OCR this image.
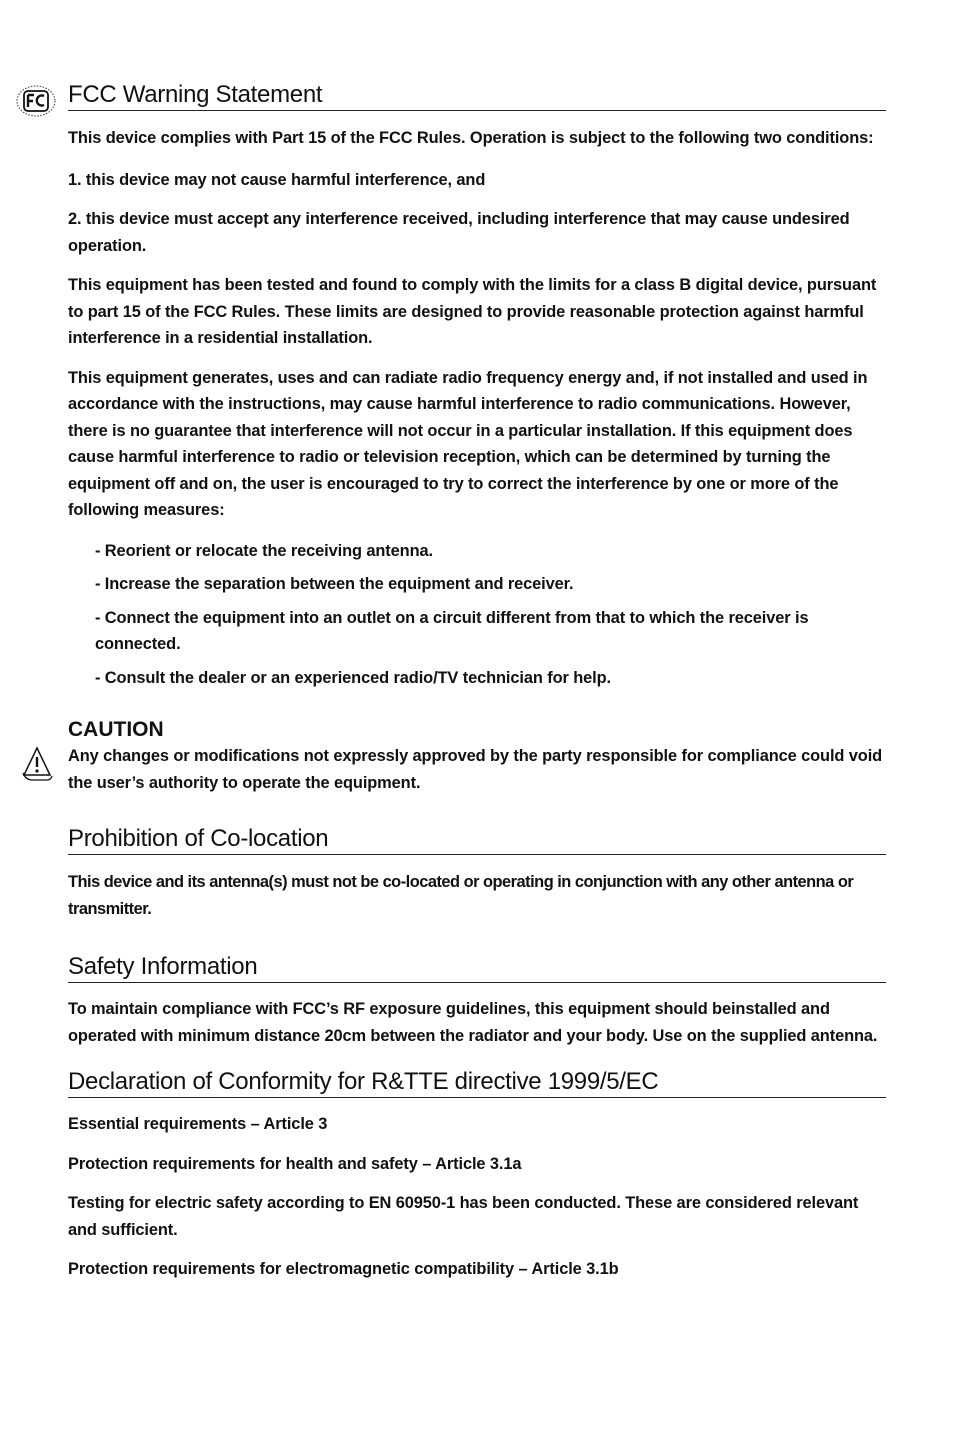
FCC Warning Statement

This device complies with Part 15 of the FCC Rules. Operation is subject to the following two conditions:

1. this device may not cause harmful interference, and

2. this device must accept any interference received, including interference that may cause undesired operation.

This equipment has been tested and found to comply with the limits for a class B digital device, pursuant to part 15 of the FCC Rules. These limits are designed to provide reasonable protection against harmful interference in a residential installation.

This equipment generates, uses and can radiate radio frequency energy and, if not installed and used in accordance with the instructions, may cause harmful interference to radio communications. However, there is no guarantee that interference will not occur in a particular installation. If this equipment does cause harmful interference to radio or television reception, which can be determined by turning the equipment off and on, the user is encouraged to try to correct the interference by one or more of the following measures:

- Reorient or relocate the receiving antenna.

- Increase the separation between the equipment and receiver.

- Connect the equipment into an outlet on a circuit different from that to which the receiver is connected.

- Consult the dealer or an experienced radio/TV technician for help.

CAUTION

Any changes or modifications not expressly approved by the party responsible for compliance could void the user’s authority to operate the equipment.

Prohibition of Co-location

This device and its antenna(s) must not be co-located or operating in conjunction with any other antenna or transmitter.

Safety Information

To maintain compliance with FCC’s RF exposure guidelines, this equipment should beinstalled and operated with minimum distance 20cm between the radiator and your body. Use on the supplied antenna.

Declaration of Conformity for R&TTE directive 1999/5/EC

Essential requirements – Article 3

Protection requirements for health and safety – Article 3.1a

Testing for electric safety according to EN 60950-1 has been conducted. These are considered relevant and sufficient.

Protection requirements for electromagnetic compatibility – Article 3.1b
